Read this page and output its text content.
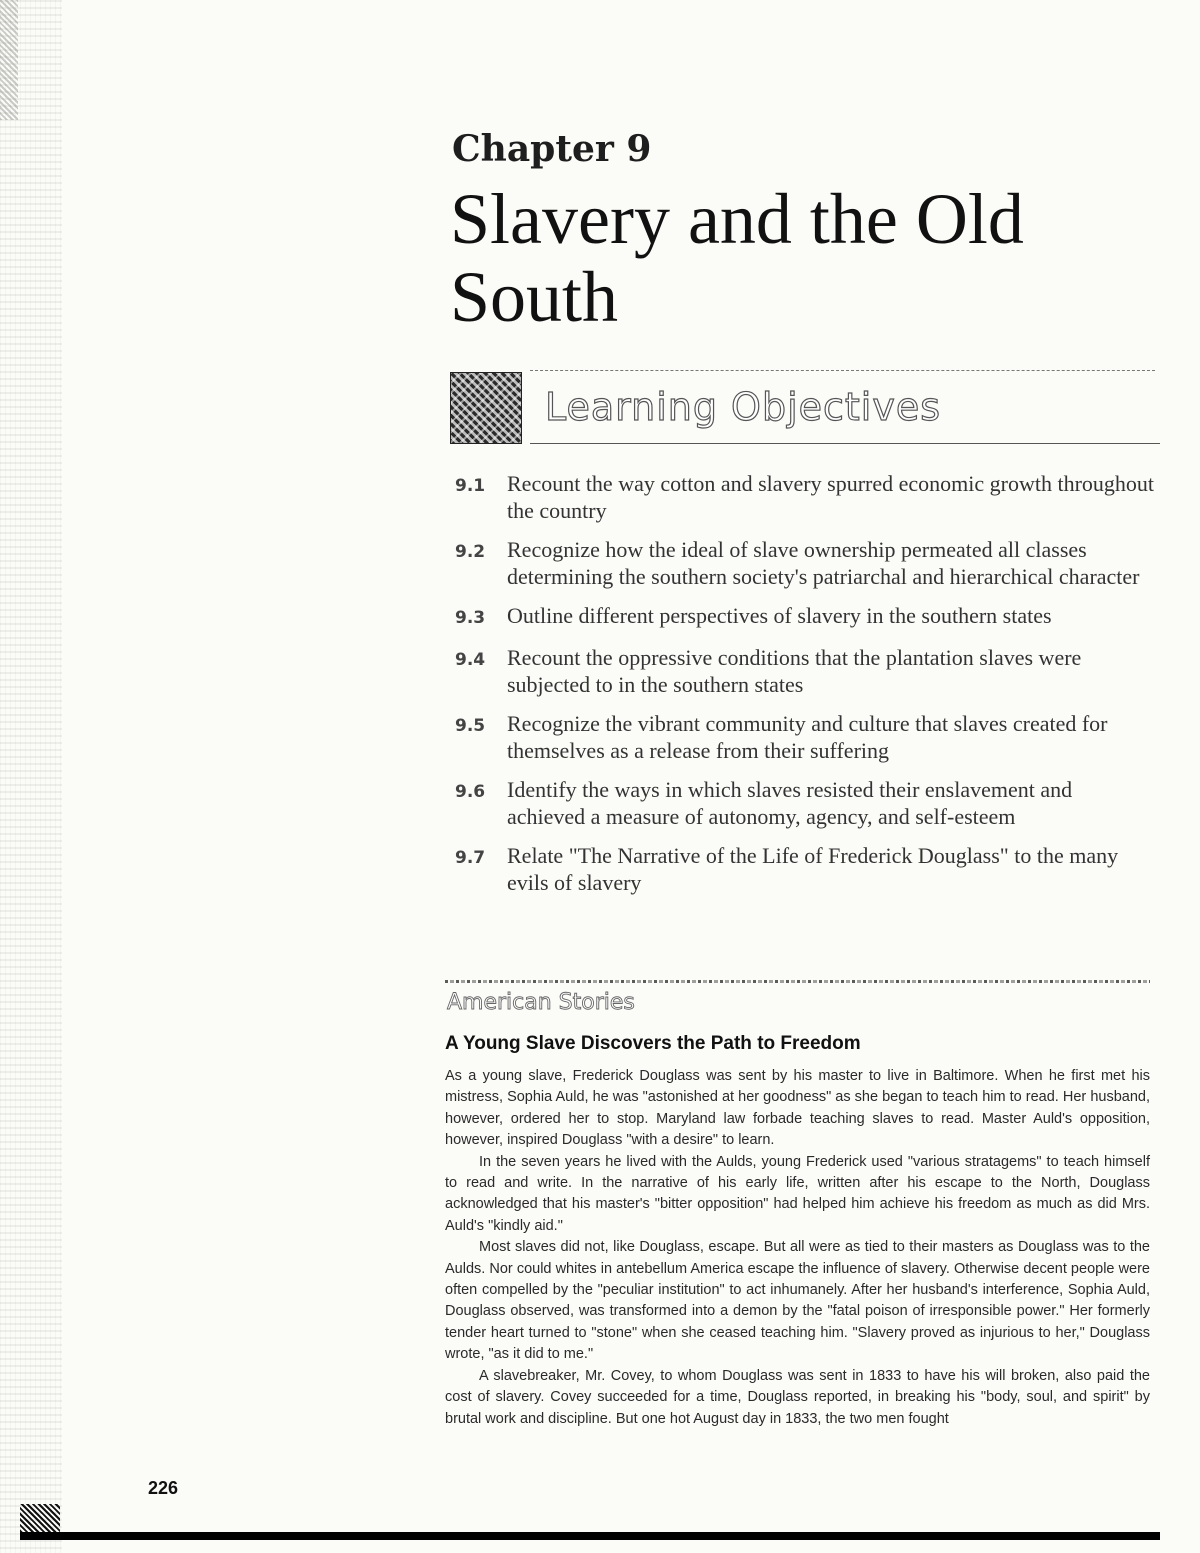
Chapter 9
Slavery and the Old South
Learning Objectives
9.1 Recount the way cotton and slavery spurred economic growth throughout the country
9.2 Recognize how the ideal of slave ownership permeated all classes determining the southern society's patriarchal and hierarchical character
9.3 Outline different perspectives of slavery in the southern states
9.4 Recount the oppressive conditions that the plantation slaves were subjected to in the southern states
9.5 Recognize the vibrant community and culture that slaves created for themselves as a release from their suffering
9.6 Identify the ways in which slaves resisted their enslavement and achieved a measure of autonomy, agency, and self-esteem
9.7 Relate "The Narrative of the Life of Frederick Douglass" to the many evils of slavery
American Stories
A Young Slave Discovers the Path to Freedom

As a young slave, Frederick Douglass was sent by his master to live in Baltimore. When he first met his mistress, Sophia Auld, he was "astonished at her goodness" as she began to teach him to read. Her husband, however, ordered her to stop. Maryland law forbade teaching slaves to read. Master Auld's opposition, however, inspired Douglass "with a desire" to learn.

In the seven years he lived with the Aulds, young Frederick used "various stratagems" to teach himself to read and write. In the narrative of his early life, written after his escape to the North, Douglass acknowledged that his master's "bitter opposition" had helped him achieve his freedom as much as did Mrs. Auld's "kindly aid."

Most slaves did not, like Douglass, escape. But all were as tied to their masters as Douglass was to the Aulds. Nor could whites in antebellum America escape the influence of slavery. Otherwise decent people were often compelled by the "peculiar institution" to act inhumanely. After her husband's interference, Sophia Auld, Douglass observed, was transformed into a demon by the "fatal poison of irresponsible power." Her formerly tender heart turned to "stone" when she ceased teaching him. "Slavery proved as injurious to her," Douglass wrote, "as it did to me."

A slavebreaker, Mr. Covey, to whom Douglass was sent in 1833 to have his will broken, also paid the cost of slavery. Covey succeeded for a time, Douglass reported, in breaking his "body, soul, and spirit" by brutal work and discipline. But one hot August day in 1833, the two men fought

226
